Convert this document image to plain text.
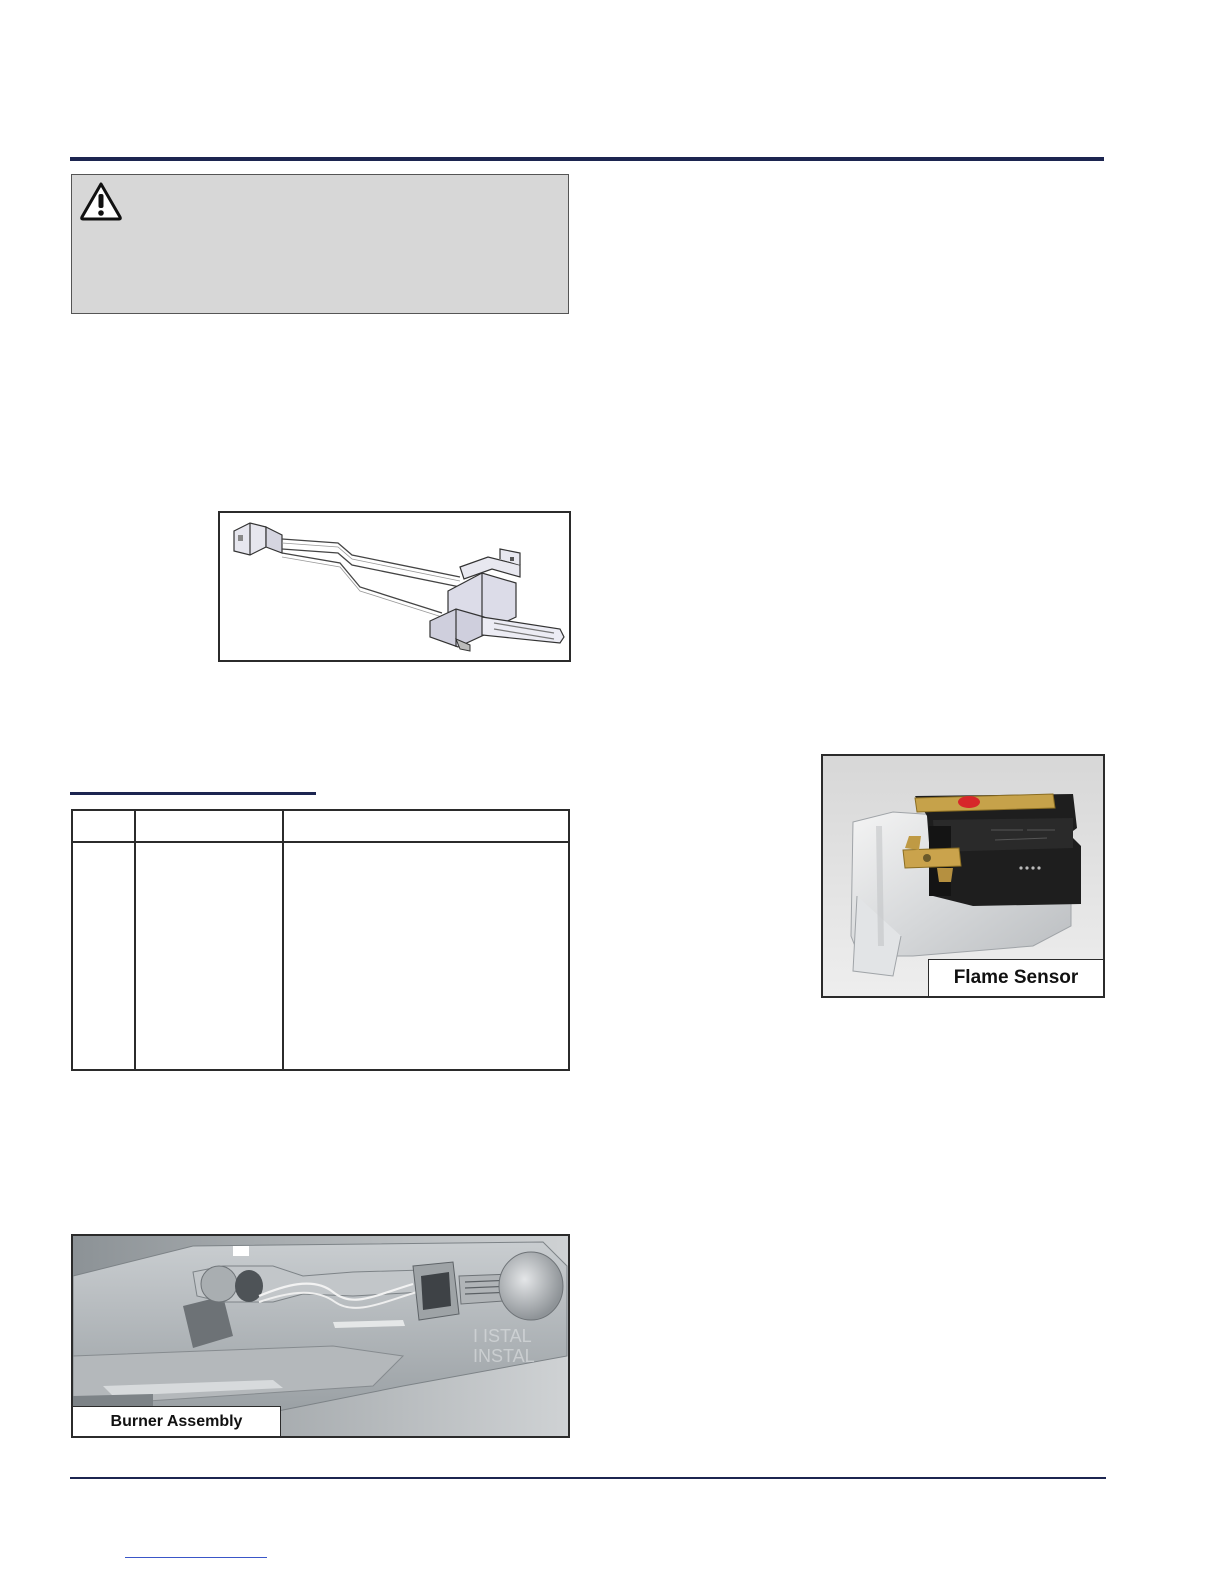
Flame Sensor
I ISTAL
INSTAL
Burner Assembly
